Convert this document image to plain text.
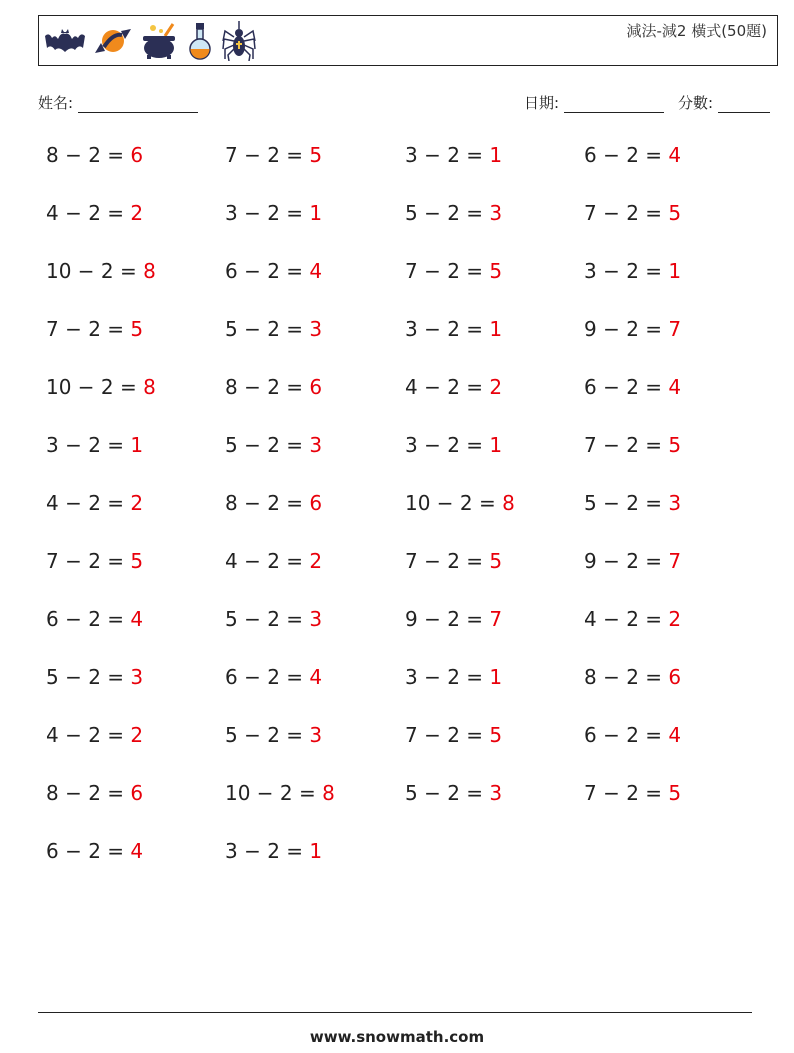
減法-減2 橫式(50題)
姓名:	日期:	分數:
8 − 2 = 6	7 − 2 = 5	3 − 2 = 1	6 − 2 = 4
4 − 2 = 2	3 − 2 = 1	5 − 2 = 3	7 − 2 = 5
10 − 2 = 8	6 − 2 = 4	7 − 2 = 5	3 − 2 = 1
7 − 2 = 5	5 − 2 = 3	3 − 2 = 1	9 − 2 = 7
10 − 2 = 8	8 − 2 = 6	4 − 2 = 2	6 − 2 = 4
3 − 2 = 1	5 − 2 = 3	3 − 2 = 1	7 − 2 = 5
4 − 2 = 2	8 − 2 = 6	10 − 2 = 8	5 − 2 = 3
7 − 2 = 5	4 − 2 = 2	7 − 2 = 5	9 − 2 = 7
6 − 2 = 4	5 − 2 = 3	9 − 2 = 7	4 − 2 = 2
5 − 2 = 3	6 − 2 = 4	3 − 2 = 1	8 − 2 = 6
4 − 2 = 2	5 − 2 = 3	7 − 2 = 5	6 − 2 = 4
8 − 2 = 6	10 − 2 = 8	5 − 2 = 3	7 − 2 = 5
6 − 2 = 4	3 − 2 = 1
www.snowmath.com
